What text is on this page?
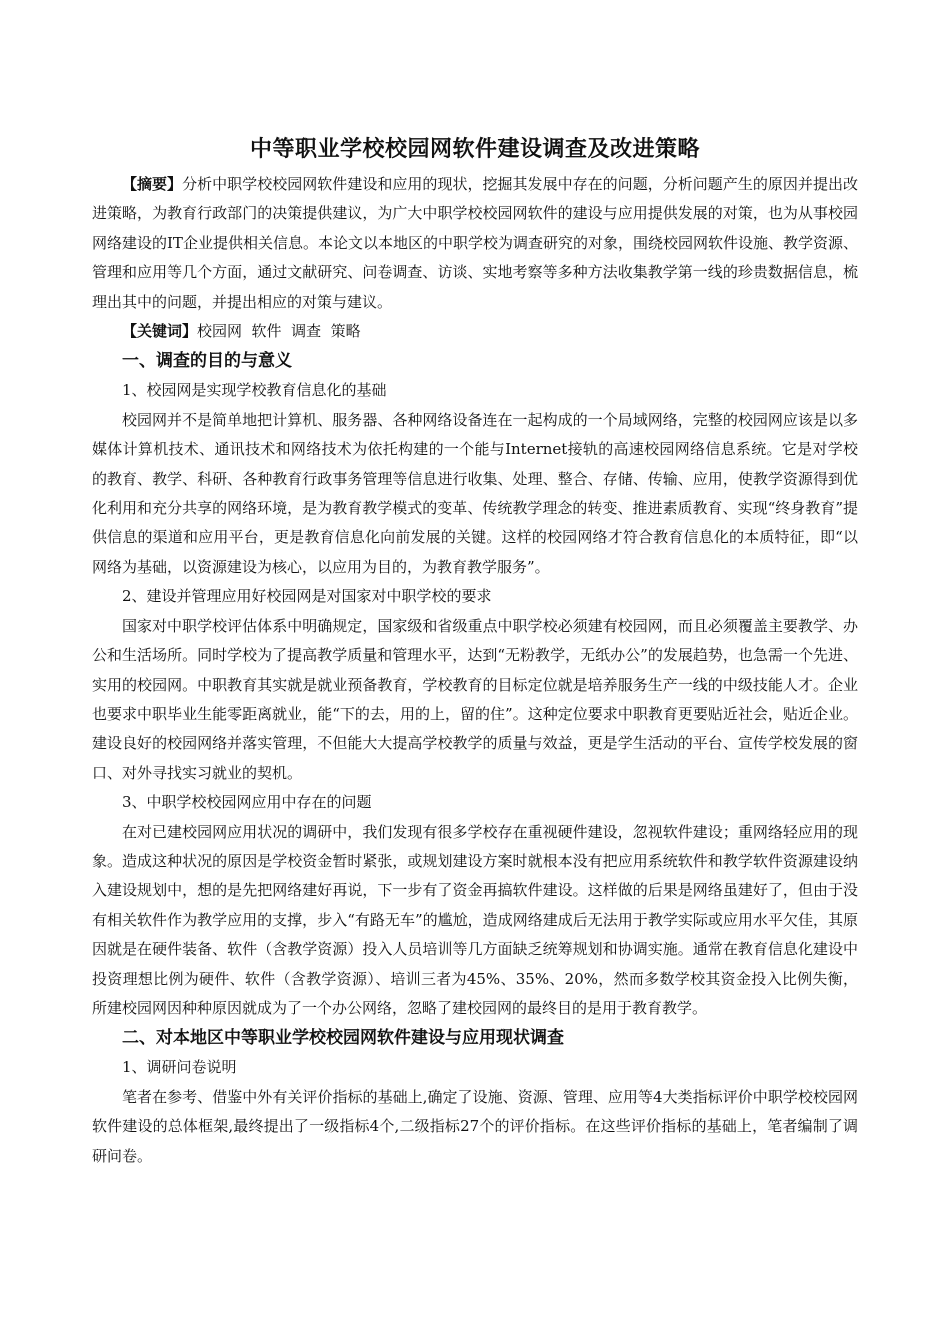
中等职业学校校园网软件建设调查及改进策略

【摘要】分析中职学校校园网软件建设和应用的现状，挖掘其发展中存在的问题，分析问题产生的原因并提出改进策略，为教育行政部门的决策提供建议，为广大中职学校校园网软件的建设与应用提供发展的对策，也为从事校园网络建设的IT企业提供相关信息。本论文以本地区的中职学校为调查研究的对象，围绕校园网软件设施、教学资源、管理和应用等几个方面，通过文献研究、问卷调查、访谈、实地考察等多种方法收集教学第一线的珍贵数据信息，梳理出其中的问题，并提出相应的对策与建议。

【关键词】校园网  软件  调查  策略

一、调查的目的与意义
1、校园网是实现学校教育信息化的基础

校园网并不是简单地把计算机、服务器、各种网络设备连在一起构成的一个局域网络，完整的校园网应该是以多媒体计算机技术、通讯技术和网络技术为依托构建的一个能与Internet接轨的高速校园网络信息系统。它是对学校的教育、教学、科研、各种教育行政事务管理等信息进行收集、处理、整合、存储、传输、应用，使教学资源得到优化利用和充分共享的网络环境，是为教育教学模式的变革、传统教学理念的转变、推进素质教育、实现“终身教育”提供信息的渠道和应用平台，更是教育信息化向前发展的关键。这样的校园网络才符合教育信息化的本质特征，即“以网络为基础，以资源建设为核心，以应用为目的，为教育教学服务”。

2、建设并管理应用好校园网是对国家对中职学校的要求

国家对中职学校评估体系中明确规定，国家级和省级重点中职学校必须建有校园网，而且必须覆盖主要教学、办公和生活场所。同时学校为了提高教学质量和管理水平，达到“无粉教学，无纸办公”的发展趋势，也急需一个先进、实用的校园网。中职教育其实就是就业预备教育，学校教育的目标定位就是培养服务生产一线的中级技能人才。企业也要求中职毕业生能零距离就业，能“下的去，用的上，留的住”。这种定位要求中职教育更要贴近社会，贴近企业。建设良好的校园网络并落实管理，不但能大大提高学校教学的质量与效益，更是学生活动的平台、宣传学校发展的窗口、对外寻找实习就业的契机。

3、中职学校校园网应用中存在的问题

在对已建校园网应用状况的调研中，我们发现有很多学校存在重视硬件建设，忽视软件建设；重网络轻应用的现象。造成这种状况的原因是学校资金暂时紧张，或规划建设方案时就根本没有把应用系统软件和教学软件资源建设纳入建设规划中，想的是先把网络建好再说，下一步有了资金再搞软件建设。这样做的后果是网络虽建好了，但由于没有相关软件作为教学应用的支撑，步入“有路无车”的尴尬，造成网络建成后无法用于教学实际或应用水平欠佳，其原因就是在硬件装备、软件（含教学资源）投入人员培训等几方面缺乏统筹规划和协调实施。通常在教育信息化建设中投资理想比例为硬件、软件（含教学资源）、培训三者为45%、35%、20%，然而多数学校其资金投入比例失衡，所建校园网因种种原因就成为了一个办公网络，忽略了建校园网的最终目的是用于教育教学。

二、对本地区中等职业学校校园网软件建设与应用现状调查
1、调研问卷说明

笔者在参考、借鉴中外有关评价指标的基础上,确定了设施、资源、管理、应用等4大类指标评价中职学校校园网软件建设的总体框架,最终提出了一级指标4个,二级指标27个的评价指标。在这些评价指标的基础上，笔者编制了调研问卷。
